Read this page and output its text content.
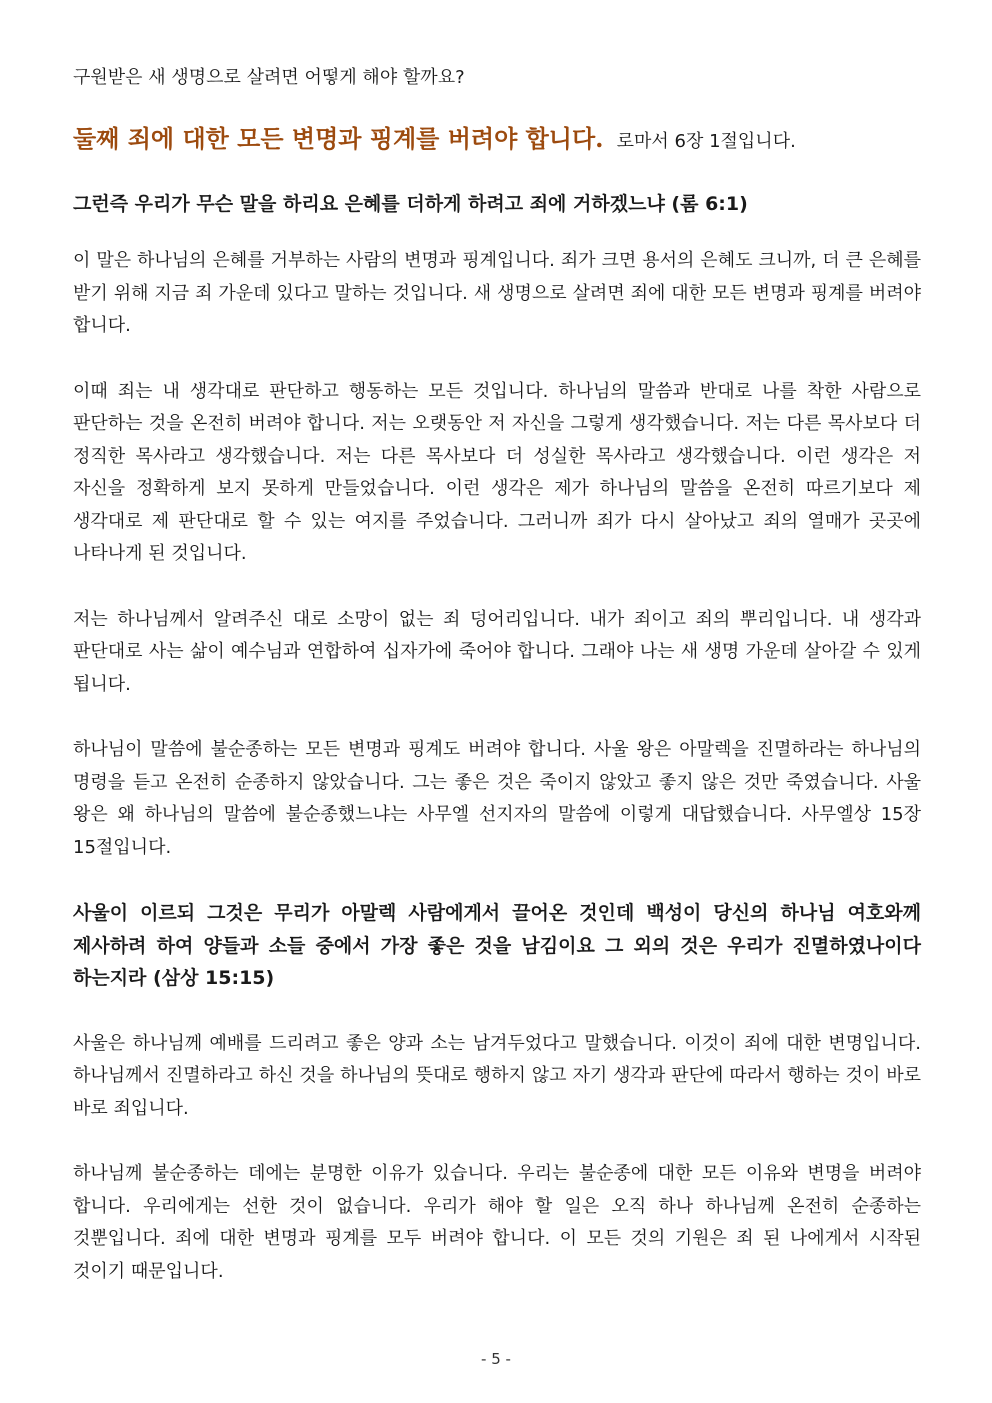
구원받은 새 생명으로 살려면 어떻게 해야 할까요?

둘째 죄에 대한 모든 변명과 핑계를 버려야 합니다. 로마서 6장 1절입니다.

그런즉 우리가 무슨 말을 하리요 은혜를 더하게 하려고 죄에 거하겠느냐 (롬 6:1)

이 말은 하나님의 은혜를 거부하는 사람의 변명과 핑계입니다. 죄가 크면 용서의 은혜도 크니까, 더 큰 은혜를 받기 위해 지금 죄 가운데 있다고 말하는 것입니다. 새 생명으로 살려면 죄에 대한 모든 변명과 핑계를 버려야 합니다.

이때 죄는 내 생각대로 판단하고 행동하는 모든 것입니다. 하나님의 말씀과 반대로 나를 착한 사람으로 판단하는 것을 온전히 버려야 합니다. 저는 오랫동안 저 자신을 그렇게 생각했습니다. 저는 다른 목사보다 더 정직한 목사라고 생각했습니다. 저는 다른 목사보다 더 성실한 목사라고 생각했습니다. 이런 생각은 저 자신을 정확하게 보지 못하게 만들었습니다. 이런 생각은 제가 하나님의 말씀을 온전히 따르기보다 제 생각대로 제 판단대로 할 수 있는 여지를 주었습니다. 그러니까 죄가 다시 살아났고 죄의 열매가 곳곳에 나타나게 된 것입니다.

저는 하나님께서 알려주신 대로 소망이 없는 죄 덩어리입니다. 내가 죄이고 죄의 뿌리입니다. 내 생각과 판단대로 사는 삶이 예수님과 연합하여 십자가에 죽어야 합니다. 그래야 나는 새 생명 가운데 살아갈 수 있게 됩니다.

하나님이 말씀에 불순종하는 모든 변명과 핑계도 버려야 합니다. 사울 왕은 아말렉을 진멸하라는 하나님의 명령을 듣고 온전히 순종하지 않았습니다. 그는 좋은 것은 죽이지 않았고 좋지 않은 것만 죽였습니다. 사울 왕은 왜 하나님의 말씀에 불순종했느냐는 사무엘 선지자의 말씀에 이렇게 대답했습니다. 사무엘상 15장 15절입니다.

사울이 이르되 그것은 무리가 아말렉 사람에게서 끌어온 것인데 백성이 당신의 하나님 여호와께 제사하려 하여 양들과 소들 중에서 가장 좋은 것을 남김이요 그 외의 것은 우리가 진멸하였나이다 하는지라 (삼상 15:15)

사울은 하나님께 예배를 드리려고 좋은 양과 소는 남겨두었다고 말했습니다. 이것이 죄에 대한 변명입니다. 하나님께서 진멸하라고 하신 것을 하나님의 뜻대로 행하지 않고 자기 생각과 판단에 따라서 행하는 것이 바로 바로 죄입니다.

하나님께 불순종하는 데에는 분명한 이유가 있습니다. 우리는 불순종에 대한 모든 이유와 변명을 버려야 합니다. 우리에게는 선한 것이 없습니다. 우리가 해야 할 일은 오직 하나 하나님께 온전히 순종하는 것뿐입니다. 죄에 대한 변명과 핑계를 모두 버려야 합니다. 이 모든 것의 기원은 죄 된 나에게서 시작된 것이기 때문입니다.

- 5 -
